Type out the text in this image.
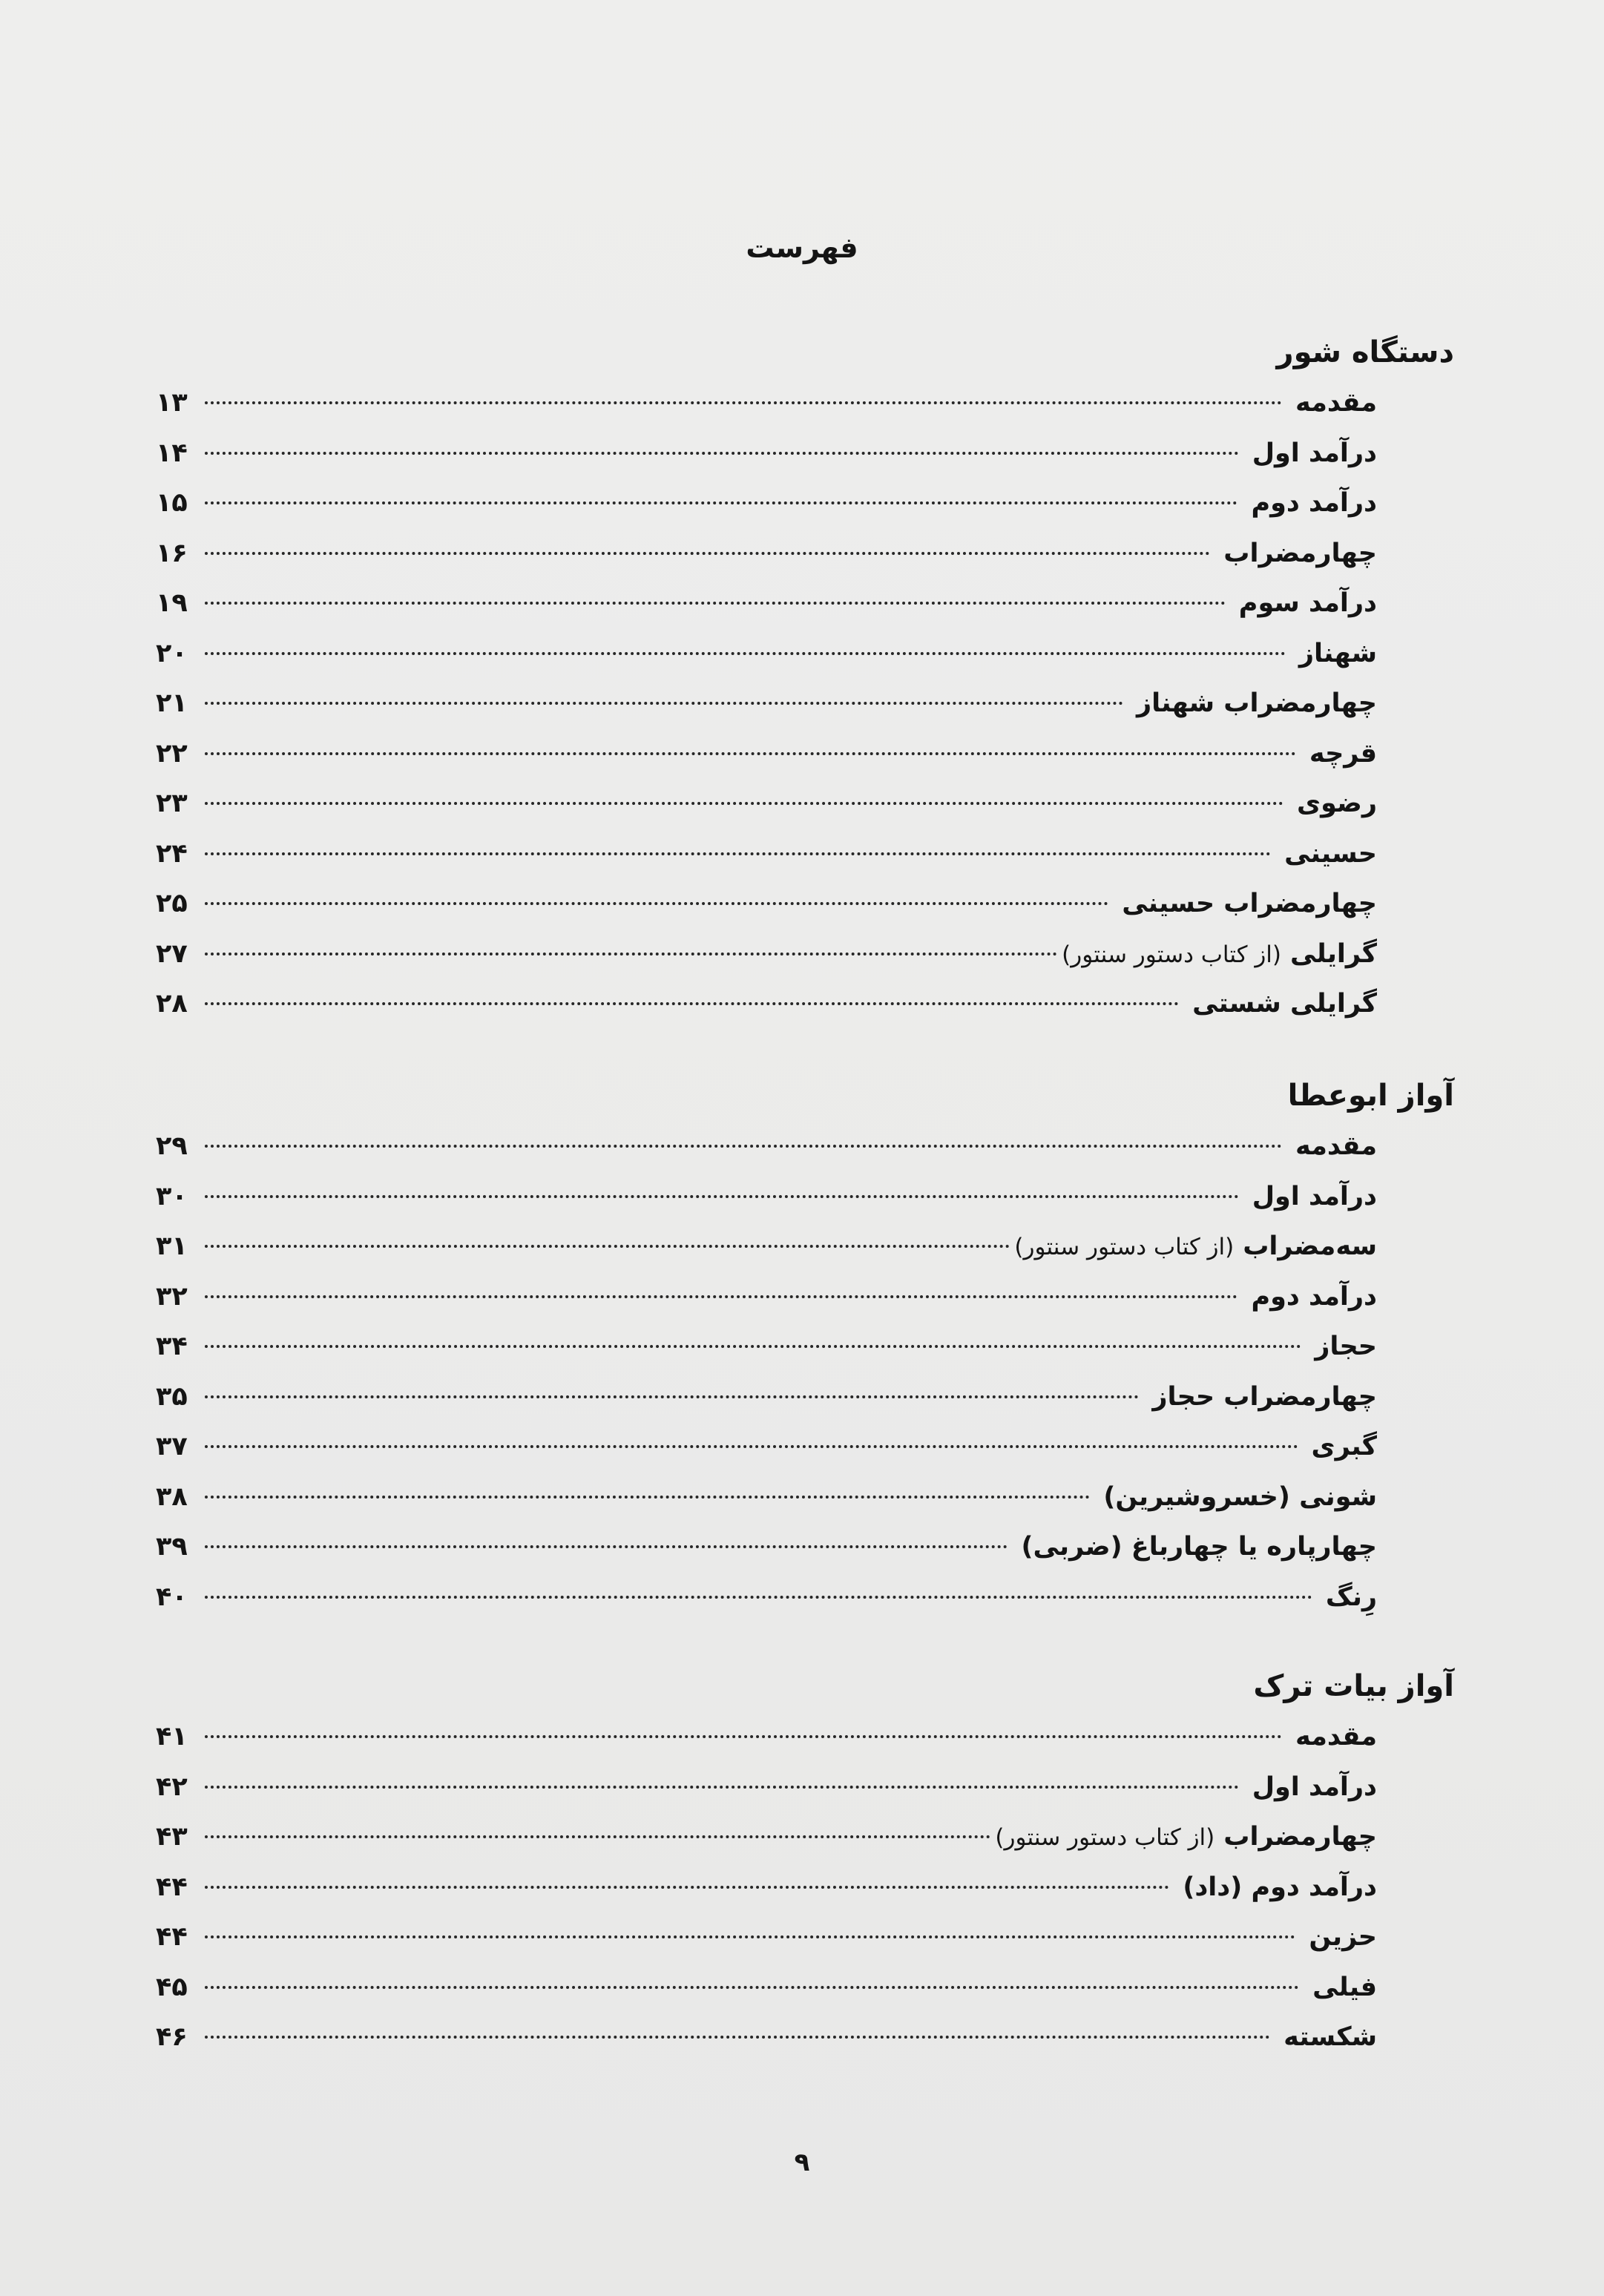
فهرست
دستگاه شور
مقدمه
۱۳
درآمد اول
۱۴
درآمد دوم
۱۵
چهارمضراب
۱۶
درآمد سوم
۱۹
شهناز
۲۰
چهارمضراب شهناز
۲۱
قرچه
۲۲
رضوی
۲۳
حسینی
۲۴
چهارمضراب حسینی
۲۵
گرایلی
(از کتاب دستور سنتور)
۲۷
گرایلی شستی
۲۸
آواز ابوعطا
مقدمه
۲۹
درآمد اول
۳۰
سه‌مضراب
(از کتاب دستور سنتور)
۳۱
درآمد دوم
۳۲
حجاز
۳۴
چهارمضراب حجاز
۳۵
گبری
۳۷
شونی (خسروشیرین)
۳۸
چهارپاره یا چهارباغ (ضربی)
۳۹
رِنگ
۴۰
آواز بیات ترک
مقدمه
۴۱
درآمد اول
۴۲
چهارمضراب
(از کتاب دستور سنتور)
۴۳
درآمد دوم (داد)
۴۴
حزین
۴۴
فیلی
۴۵
شکسته
۴۶
۹
